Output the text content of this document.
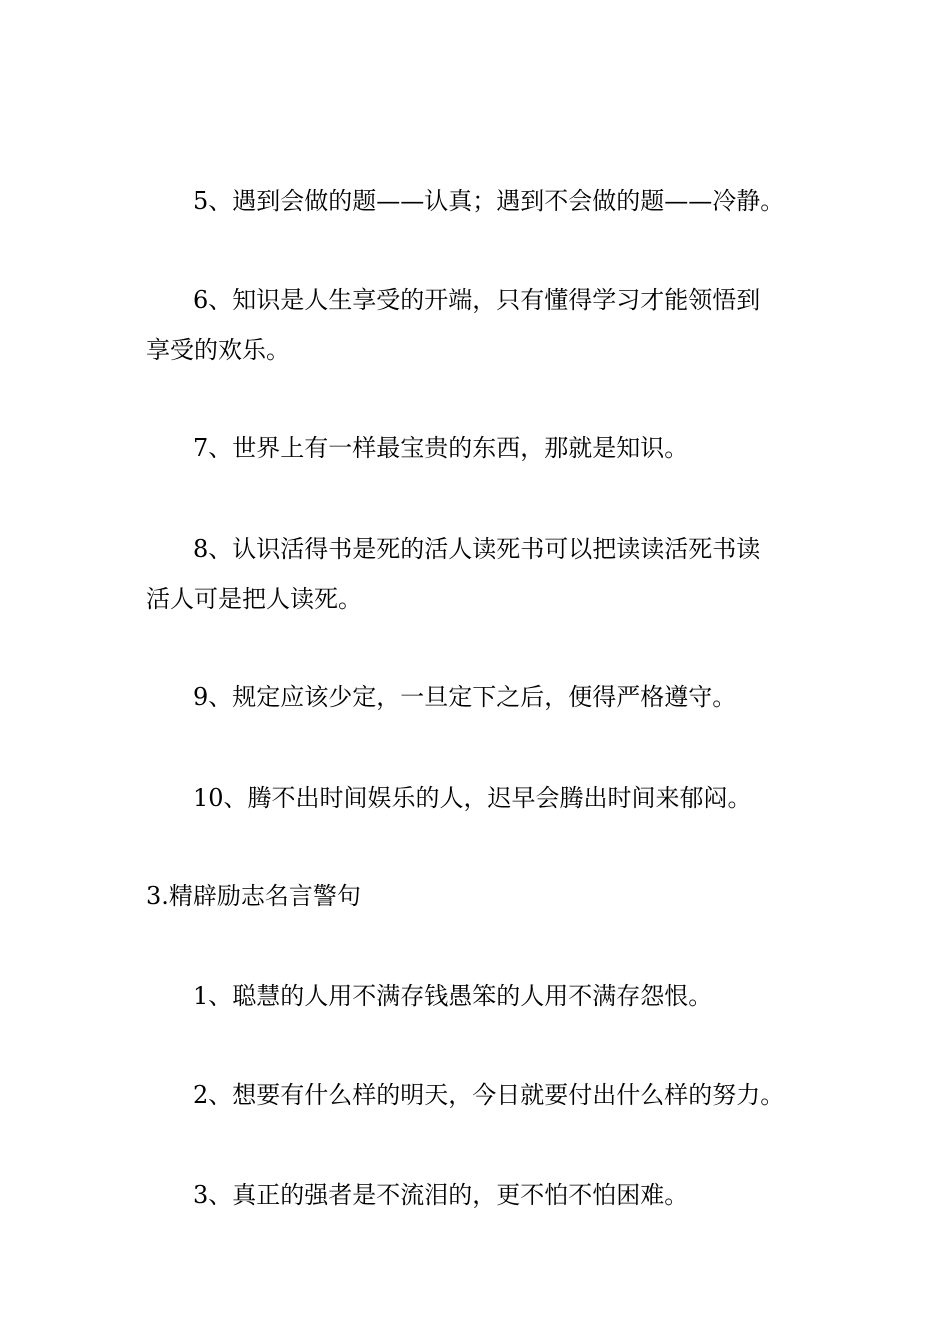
5、遇到会做的题——认真；遇到不会做的题——冷静。
6、知识是人生享受的开端，只有懂得学习才能领悟到
享受的欢乐。
7、世界上有一样最宝贵的东西，那就是知识。
8、认识活得书是死的活人读死书可以把读读活死书读
活人可是把人读死。
9、规定应该少定，一旦定下之后，便得严格遵守。
10、腾不出时间娱乐的人，迟早会腾出时间来郁闷。
3.精辟励志名言警句
1、聪慧的人用不满存钱愚笨的人用不满存怨恨。
2、想要有什么样的明天，今日就要付出什么样的努力。
3、真正的强者是不流泪的，更不怕不怕困难。
